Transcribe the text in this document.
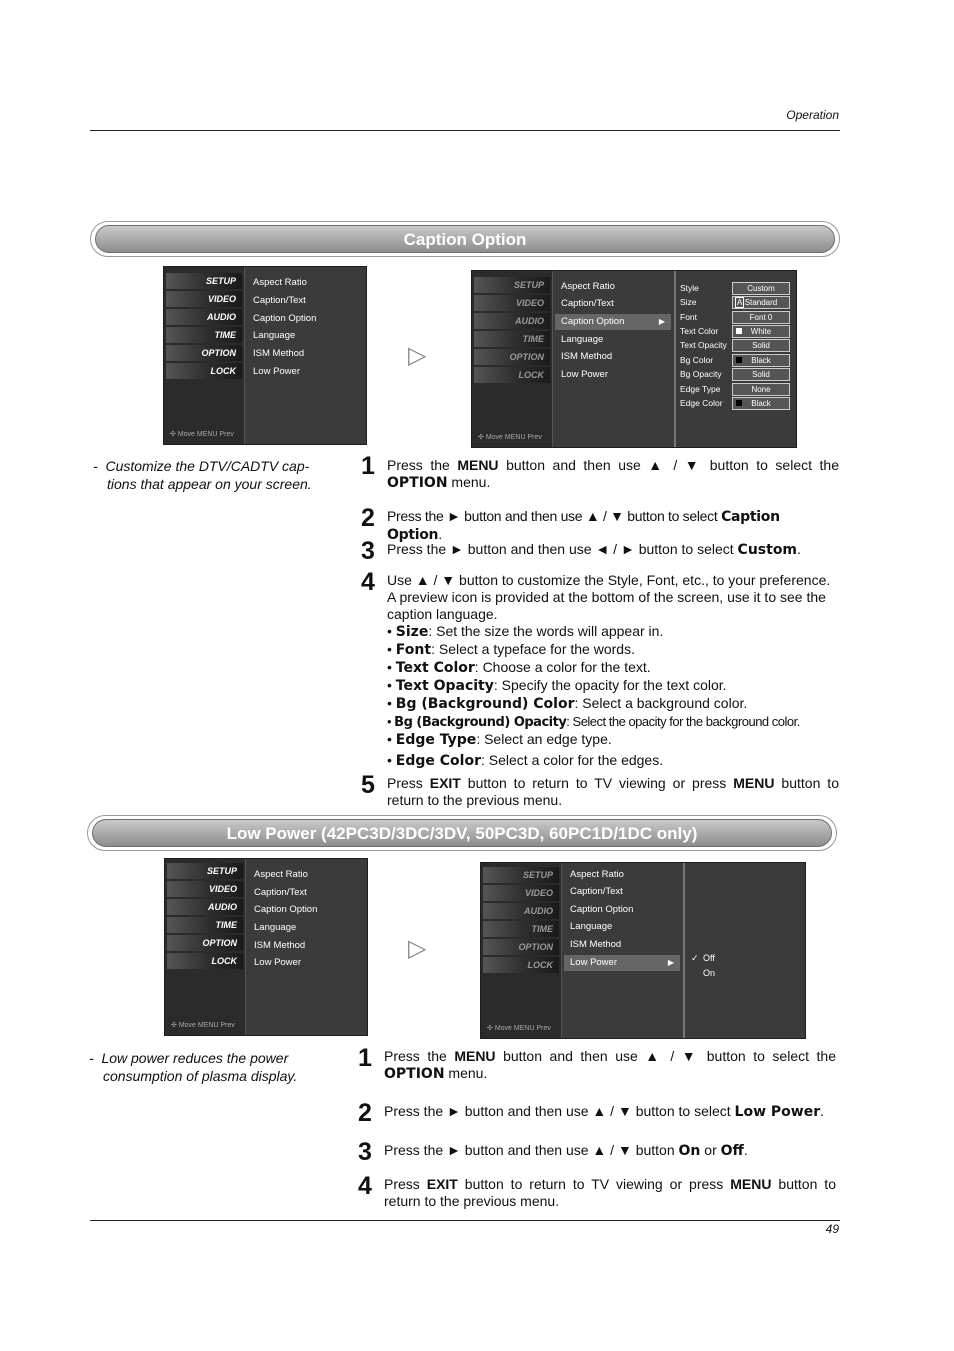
Operation
Caption Option
SETUP
VIDEO
AUDIO
TIME
OPTION
LOCK
✣ Move MENU Prev
Aspect Ratio
Caption/Text
Caption Option
Language
ISM Method
Low Power
▷
SETUP
VIDEO
AUDIO
TIME
OPTION
LOCK
✣ Move MENU Prev
Aspect Ratio
Caption/Text
Caption Option	▶
Language
ISM Method
Low Power
Style	Custom
Size	A Standard
Font	Font 0
Text Color	White
Text Opacity	Solid
Bg Color	Black
Bg Opacity	Solid
Edge Type	None
Edge Color	Black
-  Customize the DTV/CADTV cap-
tions that appear on your screen.
1 Press the MENU button and then use ▲ / ▼ button to select the OPTION menu.
2 Press the ► button and then use ▲ / ▼ button to select Caption Option.
3 Press the ► button and then use ◄ / ► button to select Custom.
4 Use ▲ / ▼ button to customize the Style, Font, etc., to your preference. A preview icon is provided at the bottom of the screen, use it to see the caption language.
• Size: Set the size the words will appear in.
• Font: Select a typeface for the words.
• Text Color: Choose a color for the text.
• Text Opacity: Specify the opacity for the text color.
• Bg (Background) Color: Select a background color.
• Bg (Background) Opacity: Select the opacity for the background color.
• Edge Type: Select an edge type.
• Edge Color: Select a color for the edges.
5 Press EXIT button to return to TV viewing or press MENU button to return to the previous menu.
Low Power (42PC3D/3DC/3DV, 50PC3D, 60PC1D/1DC only)
SETUP
VIDEO
AUDIO
TIME
OPTION
LOCK
✣ Move MENU Prev
Aspect Ratio
Caption/Text
Caption Option
Language
ISM Method
Low Power
▷
SETUP
VIDEO
AUDIO
TIME
OPTION
LOCK
✣ Move MENU Prev
Aspect Ratio
Caption/Text
Caption Option
Language
ISM Method
Low Power	▶ ✓ Off
On
-  Low power reduces the power
consumption of plasma display.
1 Press the MENU button and then use ▲ / ▼ button to select the OPTION menu.
2 Press the ► button and then use ▲ / ▼ button to select Low Power.
3 Press the ► button and then use ▲ / ▼ button On or Off.
4 Press EXIT button to return to TV viewing or press MENU button to return to the previous menu.
49
